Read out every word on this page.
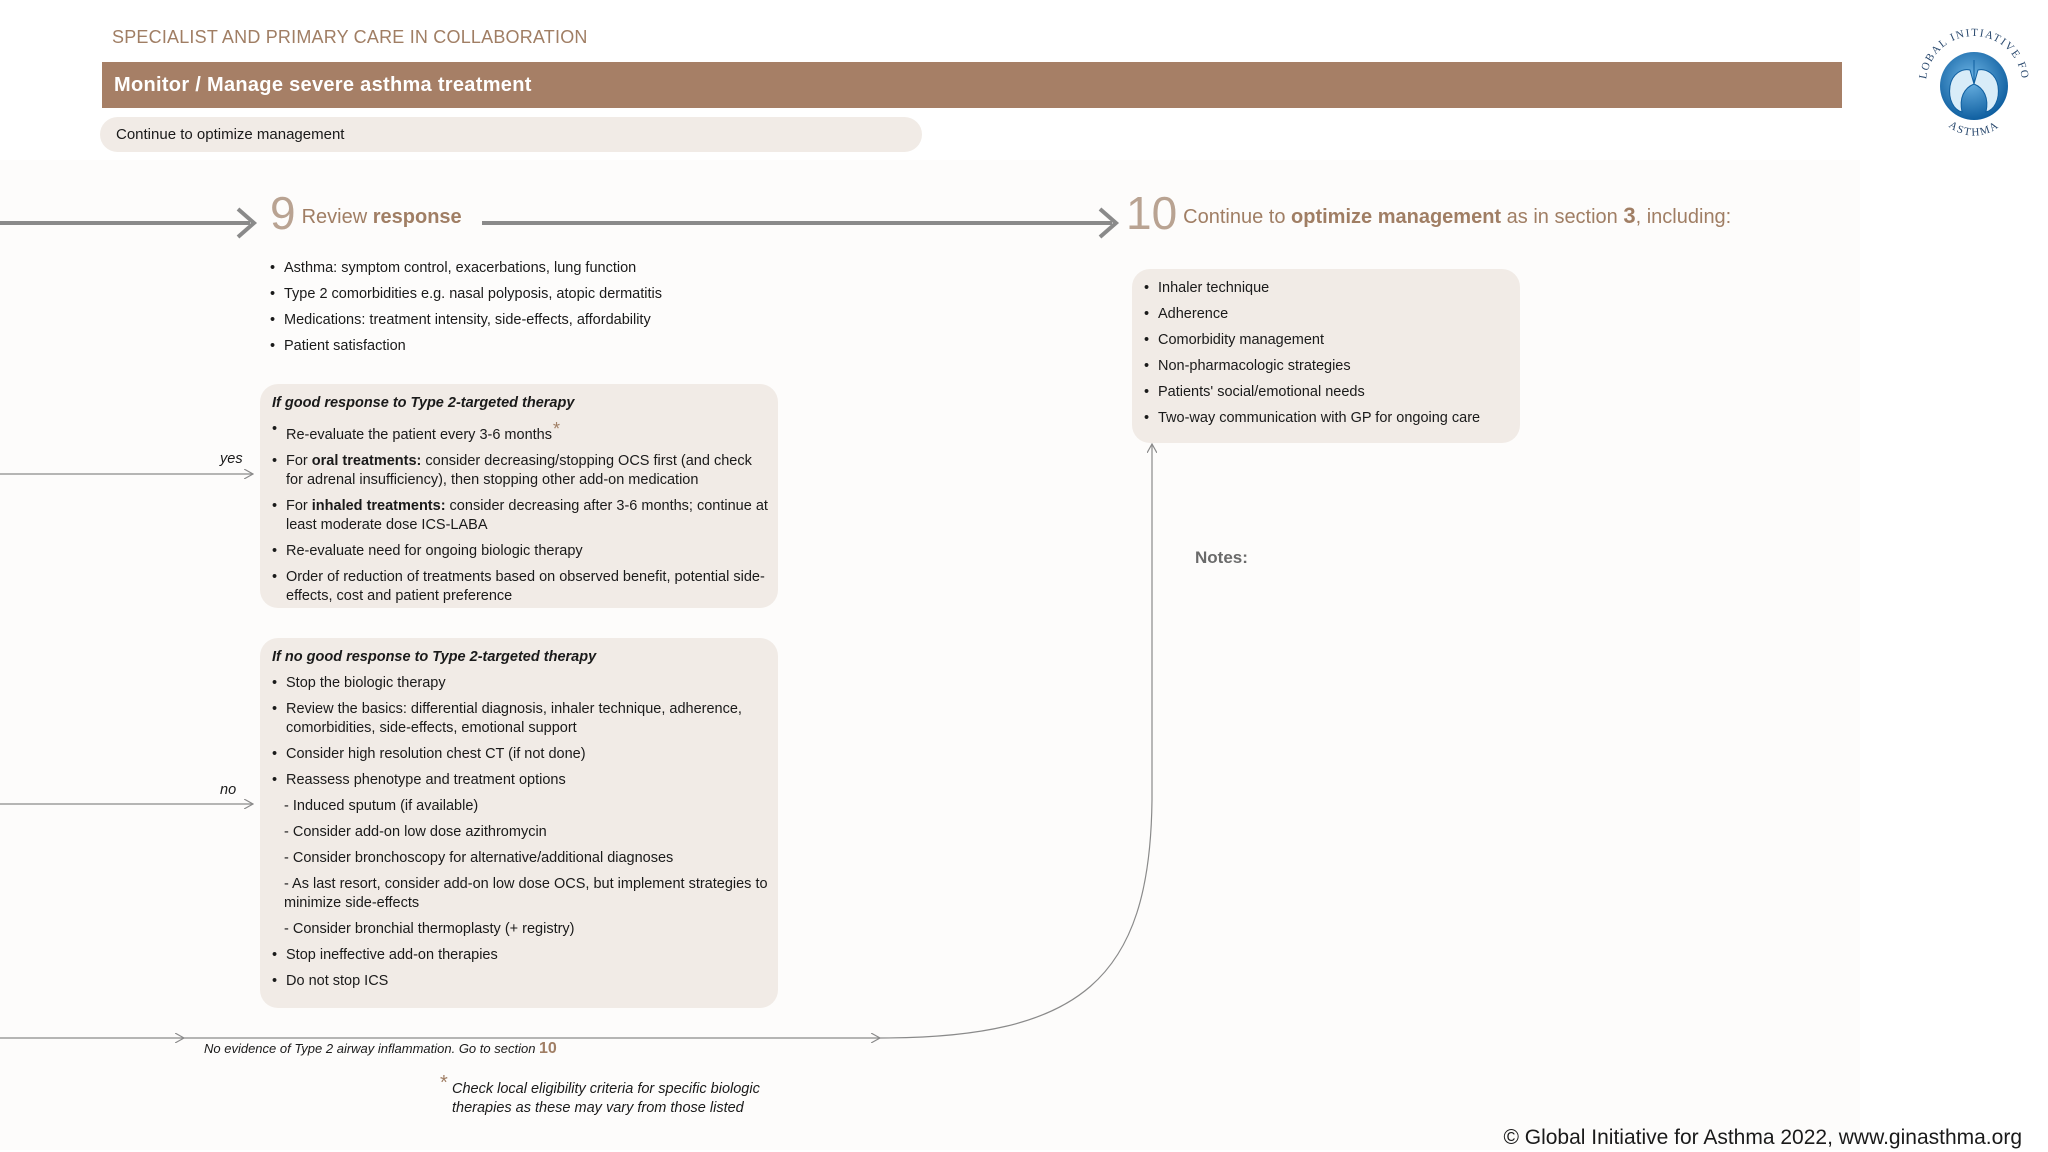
SPECIALIST AND PRIMARY CARE IN COLLABORATION
Monitor / Manage severe asthma treatment
Continue to optimize management
LOBAL INITIATIVE FO
ASTHMA
9 Review response
• Asthma: symptom control, exacerbations, lung function
• Type 2 comorbidities e.g. nasal polyposis, atopic dermatitis
• Medications: treatment intensity, side-effects, affordability
• Patient satisfaction
yes
no
If good response to Type 2-targeted therapy
• Re-evaluate the patient every 3-6 months*
• For oral treatments: consider decreasing/stopping OCS first (and check for adrenal insufficiency), then stopping other add-on medication
• For inhaled treatments: consider decreasing after 3-6 months; continue at least moderate dose ICS-LABA
• Re-evaluate need for ongoing biologic therapy
• Order of reduction of treatments based on observed benefit, potential side-effects, cost and patient preference
If no good response to Type 2-targeted therapy
• Stop the biologic therapy
• Review the basics: differential diagnosis, inhaler technique, adherence, comorbidities, side-effects, emotional support
• Consider high resolution chest CT (if not done)
• Reassess phenotype and treatment options
- Induced sputum (if available)
- Consider add-on low dose azithromycin
- Consider bronchoscopy for alternative/additional diagnoses
- As last resort, consider add-on low dose OCS, but implement strategies to minimize side-effects
- Consider bronchial thermoplasty (+ registry)
• Stop ineffective add-on therapies
• Do not stop ICS
No evidence of Type 2 airway inflammation. Go to section 10
10 Continue to optimize management as in section 3, including:
• Inhaler technique
• Adherence
• Comorbidity management
• Non-pharmacologic strategies
• Patients' social/emotional needs
• Two-way communication with GP for ongoing care
Notes:
* Check local eligibility criteria for specific biologic therapies as these may vary from those listed
© Global Initiative for Asthma 2022, www.ginasthma.org
